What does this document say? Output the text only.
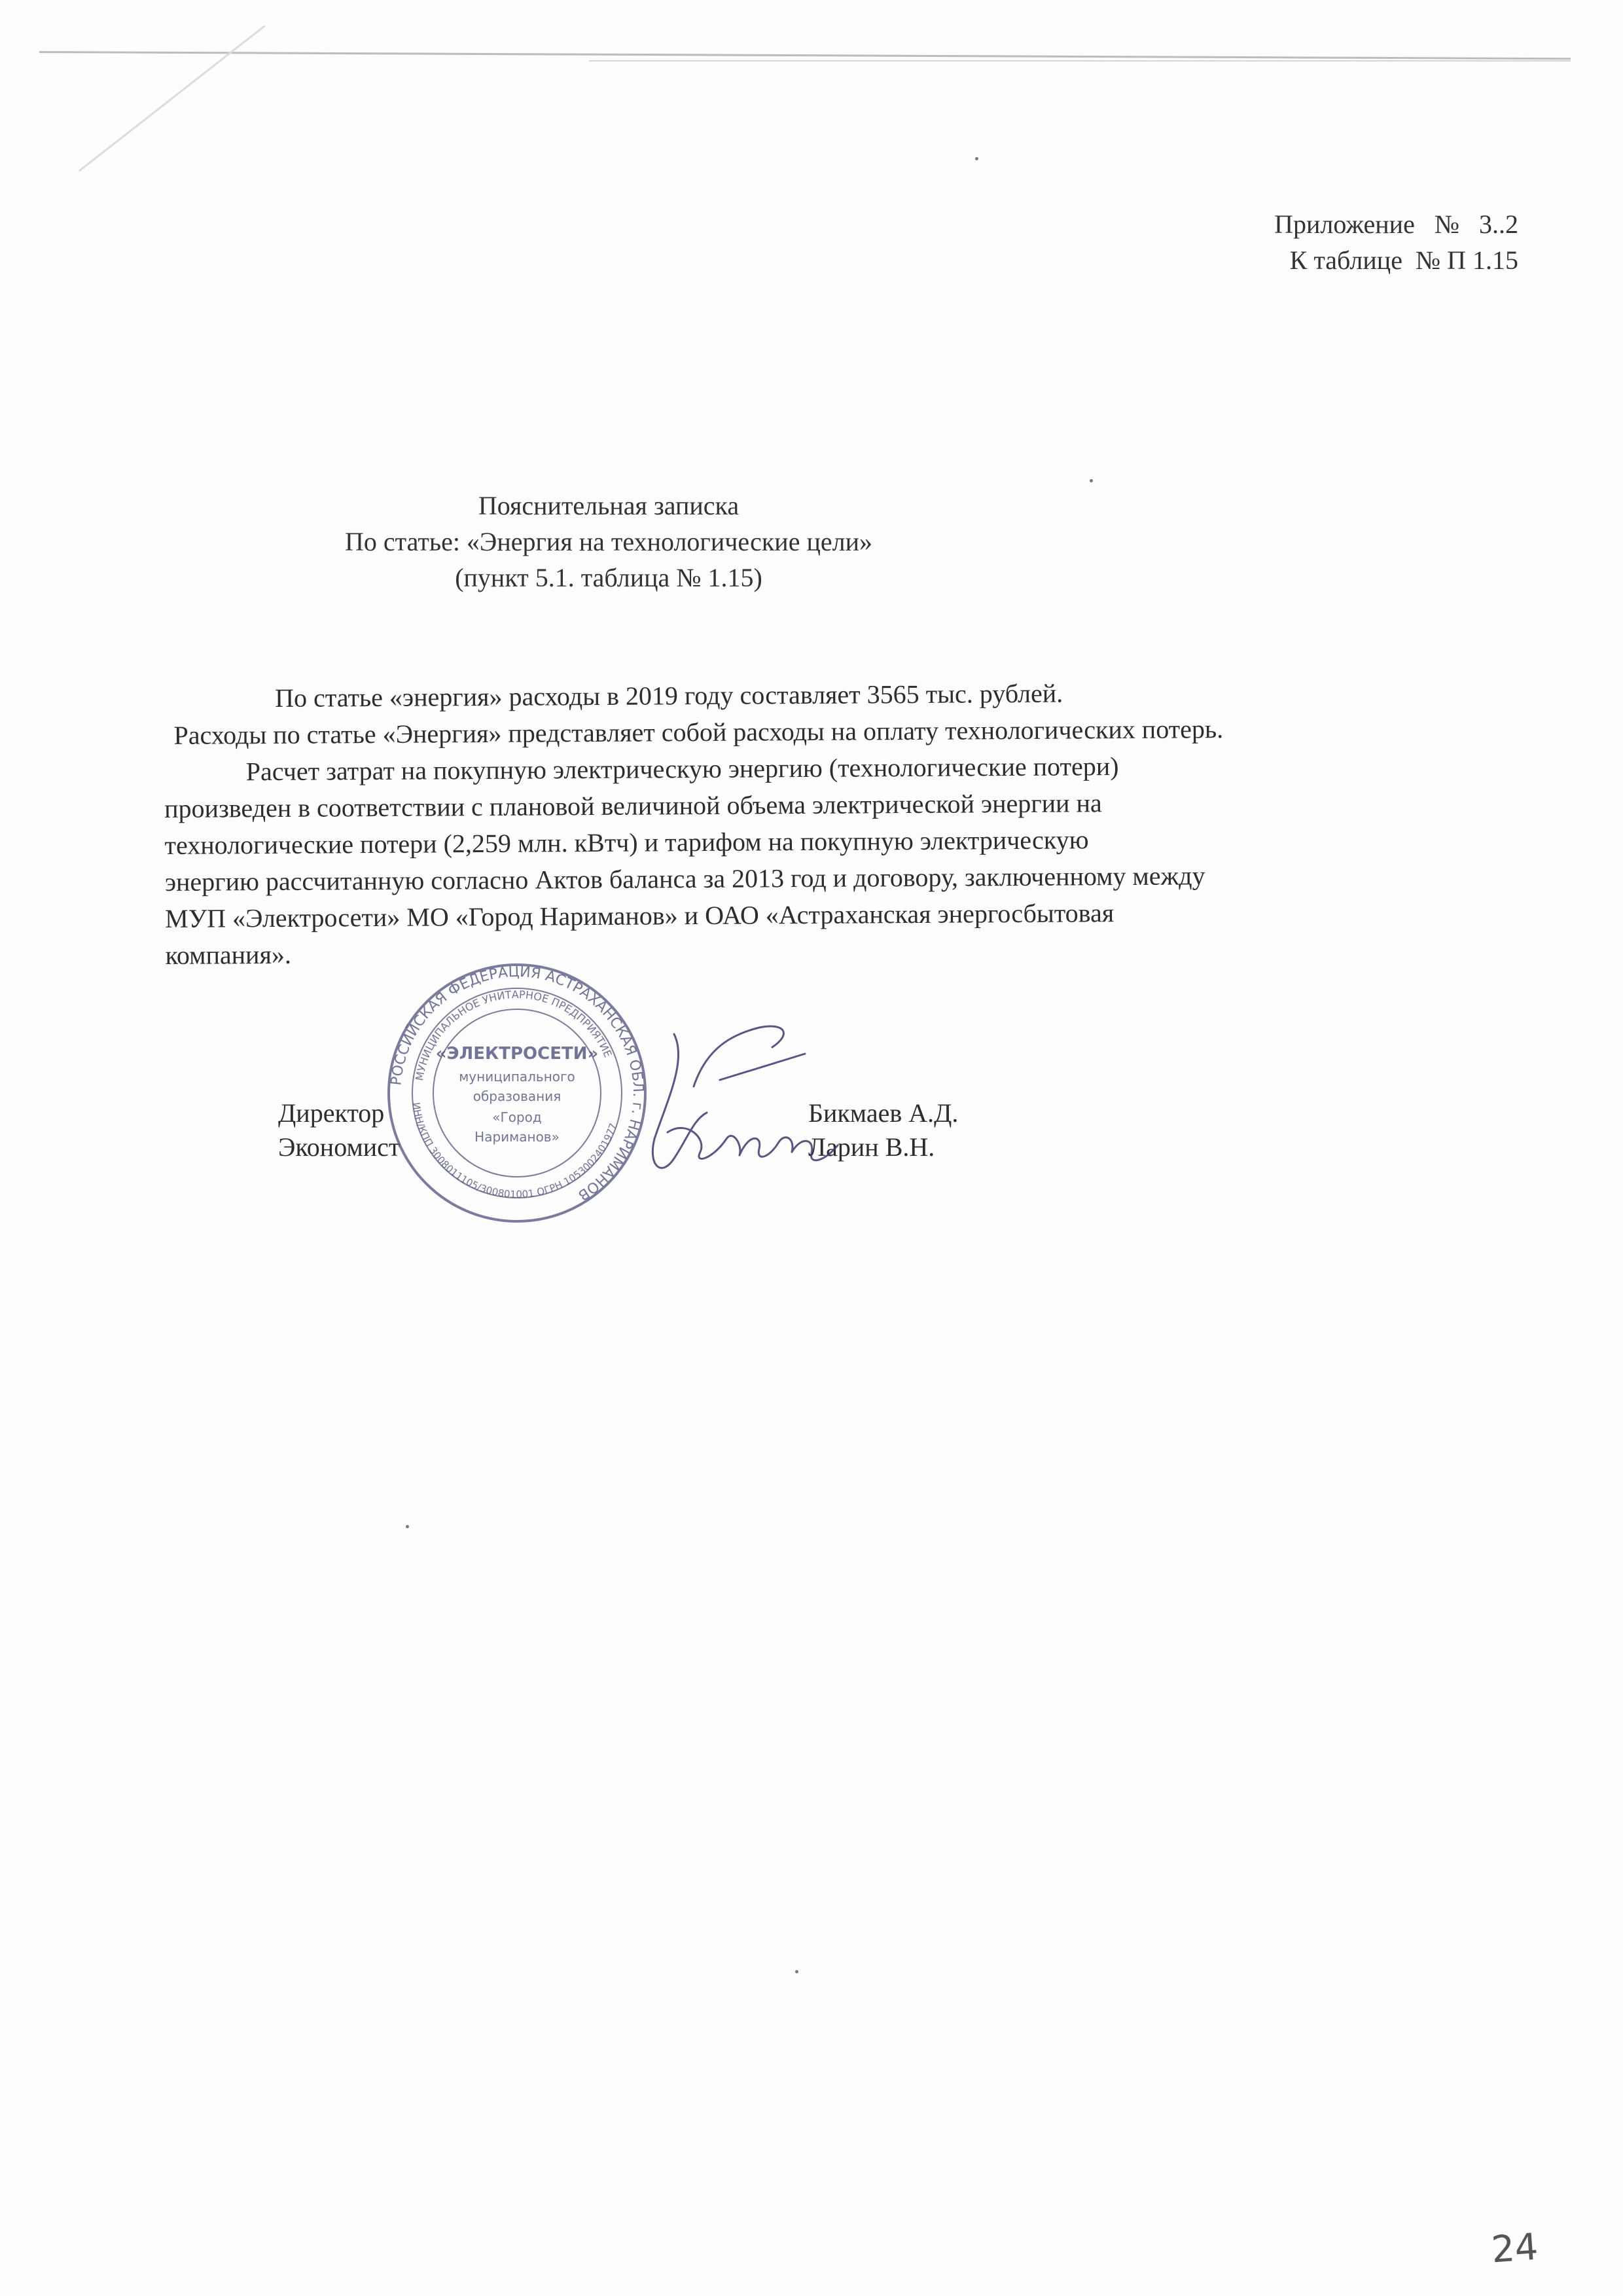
Приложение   №   3..2
К таблице  № П 1.15
Пояснительная записка
По статье: «Энергия на технологические цели»
(пункт 5.1. таблица № 1.15)
По статье «энергия» расходы в 2019 году составляет 3565 тыс. рублей.
Расходы по статье «Энергия» представляет собой расходы на оплату технологических потерь.
Расчет затрат на покупную электрическую энергию (технологические потери)
произведен в соответствии с плановой величиной объема электрической энергии на
технологические потери (2,259 млн. кВтч) и тарифом на покупную электрическую
энергию рассчитанную согласно Актов баланса за 2013 год и договору, заключенному между
МУП «Электросети» МО «Город Нариманов» и ОАО «Астраханская энергосбытовая
компания».
Директор	Бикмаев А.Д.
Экономист	Ларин В.Н.
РОССИЙСКАЯ ФЕДЕРАЦИЯ АСТРАХАНСКАЯ ОБЛ. г. НАРИМАНОВ
МУНИЦИПАЛЬНОЕ УНИТАРНОЕ ПРЕДПРИЯТИЕ
ИНН/КПП 3008011105/300801001 ОГРН 1053002401977
«ЭЛЕКТРОСЕТИ»
муниципального
образования
«Город
Нариманов»
24
